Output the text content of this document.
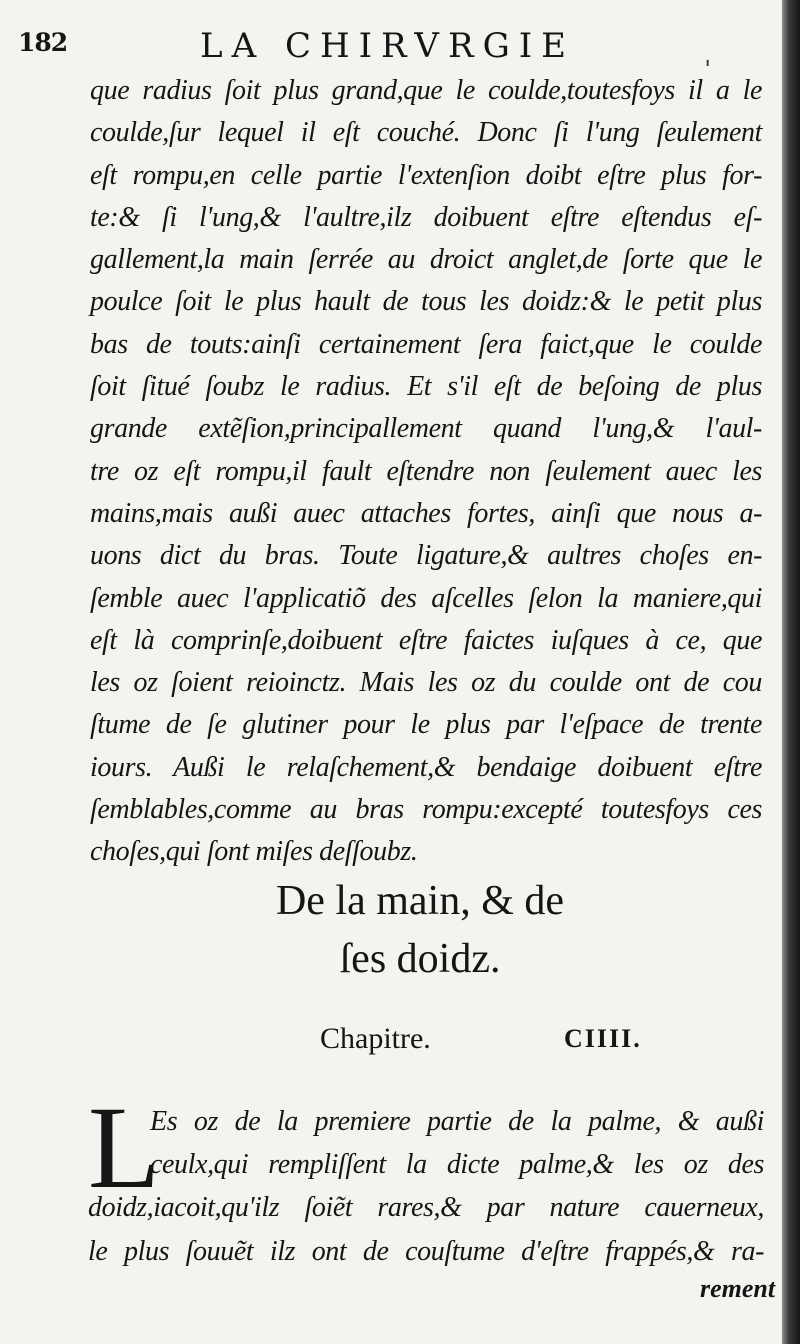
182	LA CHIRVRGIE	ˌ
que radius ſoit plus grand,que le coulde,toutesfoys il a le
coulde,ſur lequel il eſt couché. Donc ſi l'ung ſeulement
eſt rompu,en celle partie l'extenſion doibt eſtre plus for-
te:& ſi l'ung,& l'aultre,ilz doibuent eſtre eſtendus eſ-
gallement,la main ſerrée au droict anglet,de ſorte que le
poulce ſoit le plus hault de tous les doidz:& le petit plus
bas de touts:ainſi certainement ſera faict,que le coulde
ſoit ſitué ſoubz le radius. Et s'il eſt de beſoing de plus
grande extẽſion,principallement quand l'ung,& l'aul-
tre oz eſt rompu,il fault eſtendre non ſeulement auec les
mains,mais außi auec attaches fortes, ainſi que nous a-
uons dict du bras. Toute ligature,& aultres choſes en-
ſemble auec l'applicatiõ des aſcelles ſelon la maniere,qui
eſt là comprinſe,doibuent eſtre faictes iuſques à ce, que
les oz ſoient reioinctz. Mais les oz du coulde ont de cou
ſtume de ſe glutiner pour le plus par l'eſpace de trente
iours. Außi le relaſchement,& bendaige doibuent eſtre
ſemblables,comme au bras rompu:excepté toutesfoys ces
choſes,qui ſont miſes deſſoubz.
De la main, & de
ſes doidz.
Chapitre.	CIIII.
L
Es oz de la premiere partie de la palme, & außi
ceulx,qui rempliſſent la dicte palme,& les oz des
doidz,iacoit,qu'ilz ſoiẽt rares,& par nature cauerneux,
le plus ſouuẽt ilz ont de couſtume d'eſtre frappés,& ra-
rement
